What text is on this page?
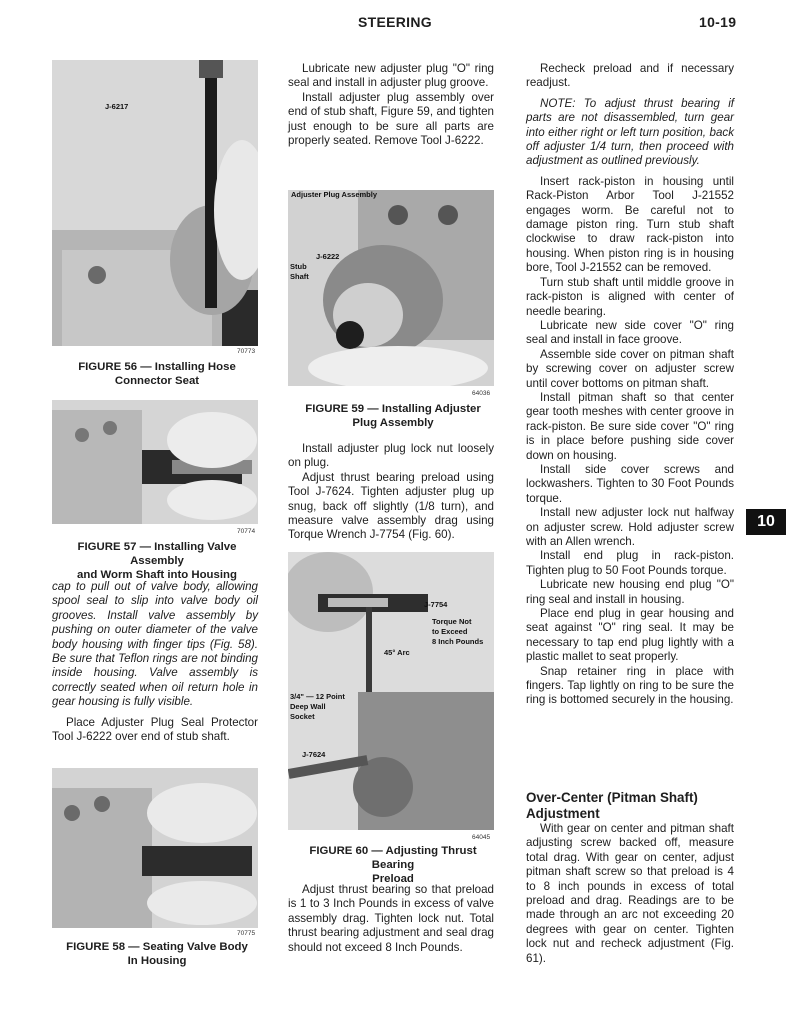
STEERING	10-19
10
J-6217
70773
FIGURE 56 — Installing Hose
Connector Seat
70774
FIGURE 57 — Installing Valve Assembly
and Worm Shaft into Housing

cap to pull out of valve body, allowing spool seal to slip into valve body oil grooves. Install valve assembly by pushing on outer diameter of the valve body housing with finger tips (Fig. 58). Be sure that Teflon rings are not binding inside housing. Valve assembly is correctly seated when oil return hole in gear housing is fully visible.

Place Adjuster Plug Seal Protector Tool J-6222 over end of stub shaft.

70775
FIGURE 58 — Seating Valve Body
In Housing

Lubricate new adjuster plug "O" ring seal and install in adjuster plug groove.

Install adjuster plug assembly over end of stub shaft, Figure 59, and tighten just enough to be sure all parts are properly seated. Remove Tool J-6222.

Adjuster Plug Assembly
Stub
Shaft
J-6222
64036
FIGURE 59 — Installing Adjuster
Plug Assembly

Install adjuster plug lock nut loosely on plug.

Adjust thrust bearing preload using Tool J-7624. Tighten adjuster plug up snug, back off slightly (1/8 turn), and measure valve assembly drag using Torque Wrench J-7754 (Fig. 60).

J-7754
Torque Not
to Exceed
8 Inch Pounds
45° Arc
3/4" — 12 Point
Deep Wall
Socket
J-7624
64045
FIGURE 60 — Adjusting Thrust Bearing
Preload

Adjust thrust bearing so that preload is 1 to 3 Inch Pounds in excess of valve assembly drag. Tighten lock nut. Total thrust bearing adjustment and seal drag should not exceed 8 Inch Pounds.

Recheck preload and if necessary readjust.

NOTE: To adjust thrust bearing if parts are not disassembled, turn gear into either right or left turn position, back off adjuster 1/4 turn, then proceed with adjustment as outlined previously.

Insert rack-piston in housing until Rack-Piston Arbor Tool J-21552 engages worm. Be careful not to damage piston ring. Turn stub shaft clockwise to draw rack-piston into housing. When piston ring is in housing bore, Tool J-21552 can be removed.

Turn stub shaft until middle groove in rack-piston is aligned with center of needle bearing.

Lubricate new side cover "O" ring seal and install in face groove.

Assemble side cover on pitman shaft by screwing cover on adjuster screw until cover bottoms on pitman shaft.

Install pitman shaft so that center gear tooth meshes with center groove in rack-piston. Be sure side cover "O" ring is in place before pushing side cover down on housing.

Install side cover screws and lockwashers. Tighten to 30 Foot Pounds torque.

Install new adjuster lock nut halfway on adjuster screw. Hold adjuster screw with an Allen wrench.

Install end plug in rack-piston. Tighten plug to 50 Foot Pounds torque.

Lubricate new housing end plug "O" ring seal and install in housing.

Place end plug in gear housing and seat against "O" ring seal. It may be necessary to tap end plug lightly with a plastic mallet to seat properly.

Snap retainer ring in place with fingers. Tap lightly on ring to be sure the ring is bottomed securely in the housing.

Over-Center (Pitman Shaft)
Adjustment

With gear on center and pitman shaft adjusting screw backed off, measure total drag. With gear on center, adjust pitman shaft screw so that preload is 4 to 8 inch pounds in excess of total preload and drag. Readings are to be made through an arc not exceeding 20 degrees with gear on center. Tighten lock nut and recheck adjustment (Fig. 61).
